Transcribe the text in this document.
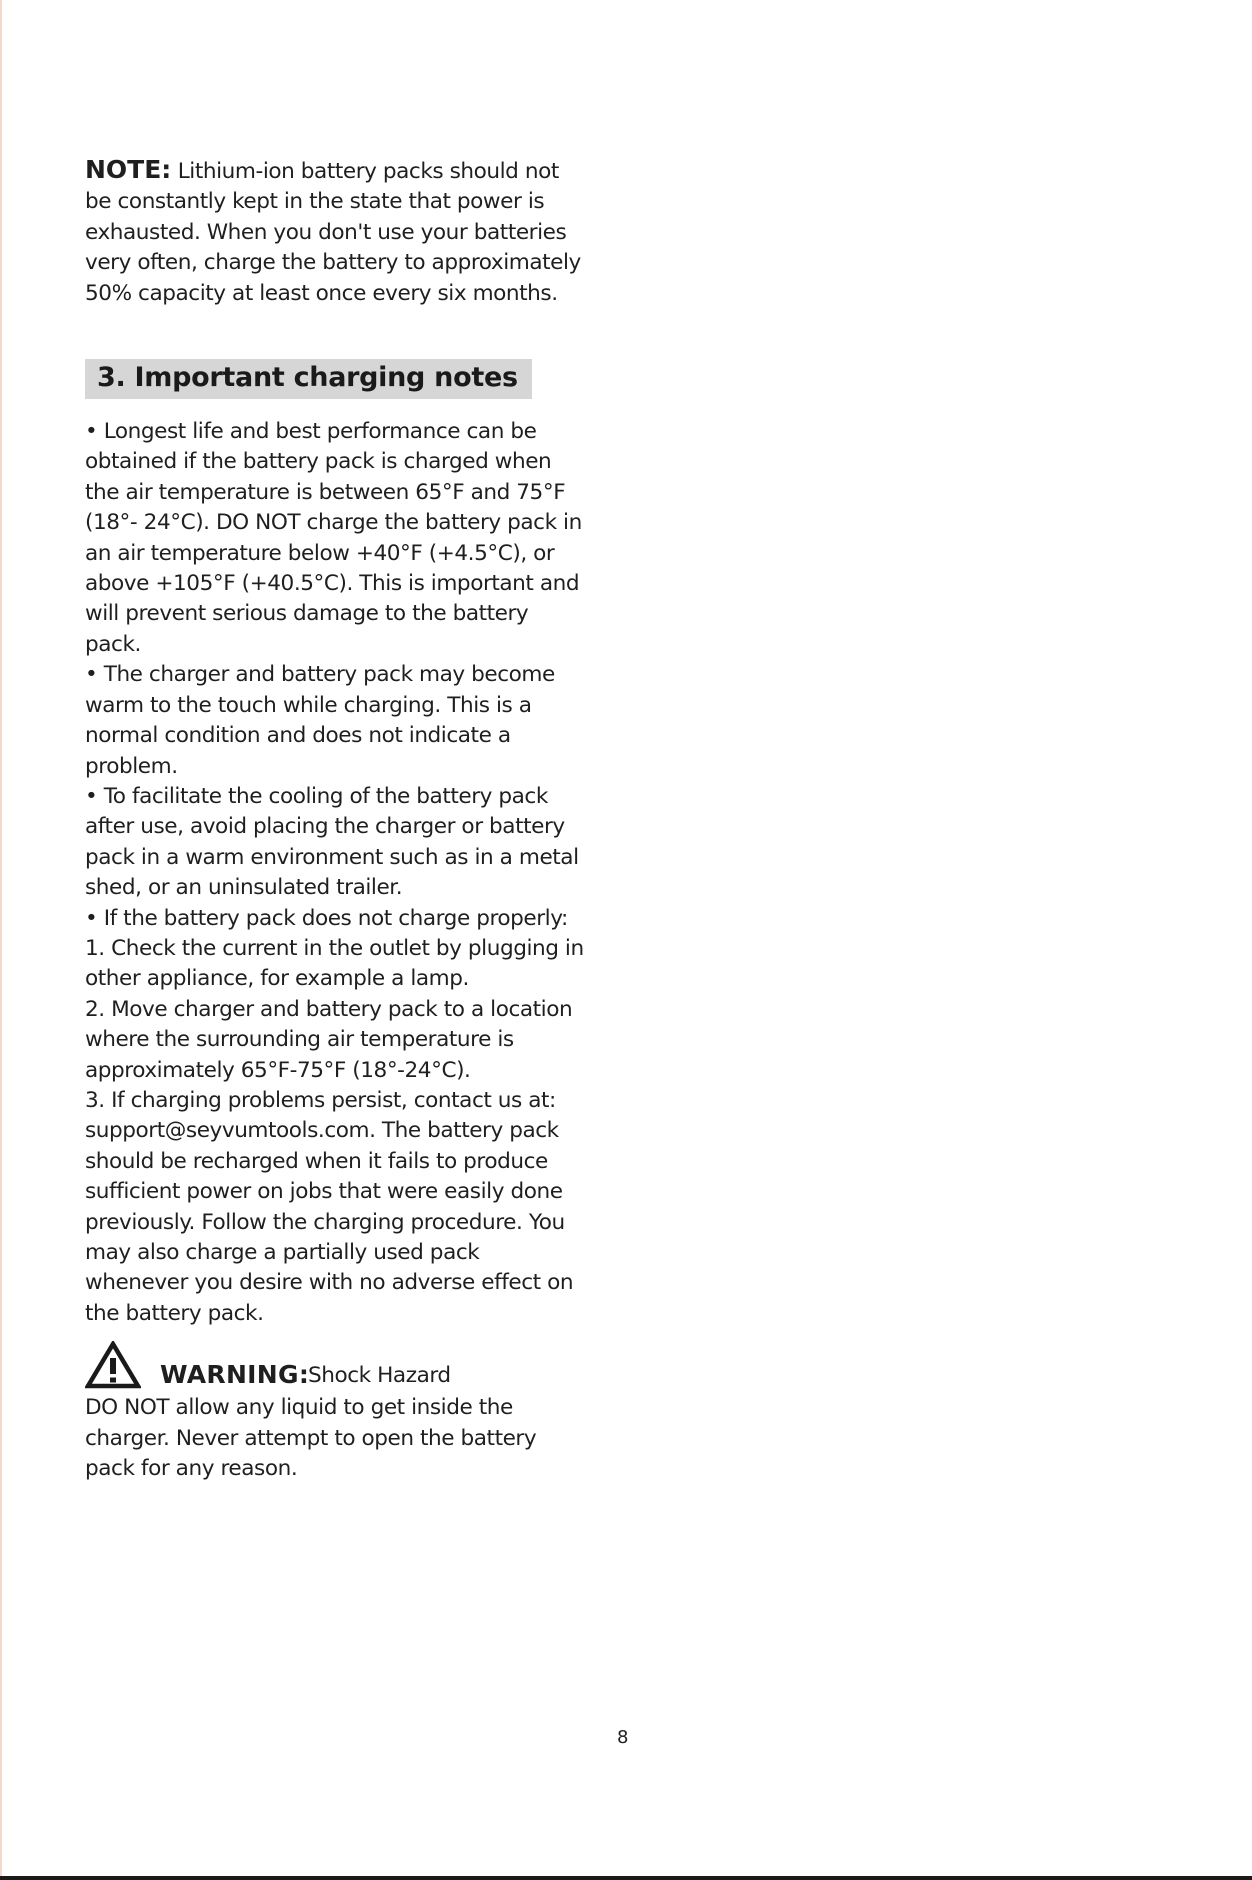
NOTE: Lithium-ion battery packs should not
be constantly kept in the state that power is
exhausted. When you don't use your batteries
very often, charge the battery to approximately
50% capacity at least once every six months.
3. Important charging notes
• Longest life and best performance can be
obtained if the battery pack is charged when
the air temperature is between 65°F and 75°F
(18°- 24°C). DO NOT charge the battery pack in
an air temperature below +40°F (+4.5°C), or
above +105°F (+40.5°C). This is important and
will prevent serious damage to the battery
pack.
• The charger and battery pack may become
warm to the touch while charging. This is a
normal condition and does not indicate a
problem.
• To facilitate the cooling of the battery pack
after use, avoid placing the charger or battery
pack in a warm environment such as in a metal
shed, or an uninsulated trailer.
• If the battery pack does not charge properly:
1. Check the current in the outlet by plugging in
other appliance, for example a lamp.
2. Move charger and battery pack to a location
where the surrounding air temperature is
approximately 65°F-75°F (18°-24°C).
3. If charging problems persist, contact us at:
support@seyvumtools.com. The battery pack
should be recharged when it fails to produce
sufficient power on jobs that were easily done
previously. Follow the charging procedure. You
may also charge a partially used pack
whenever you desire with no adverse effect on
the battery pack.
WARNING:
Shock Hazard
DO NOT allow any liquid to get inside the
charger. Never attempt to open the battery
pack for any reason.
8
